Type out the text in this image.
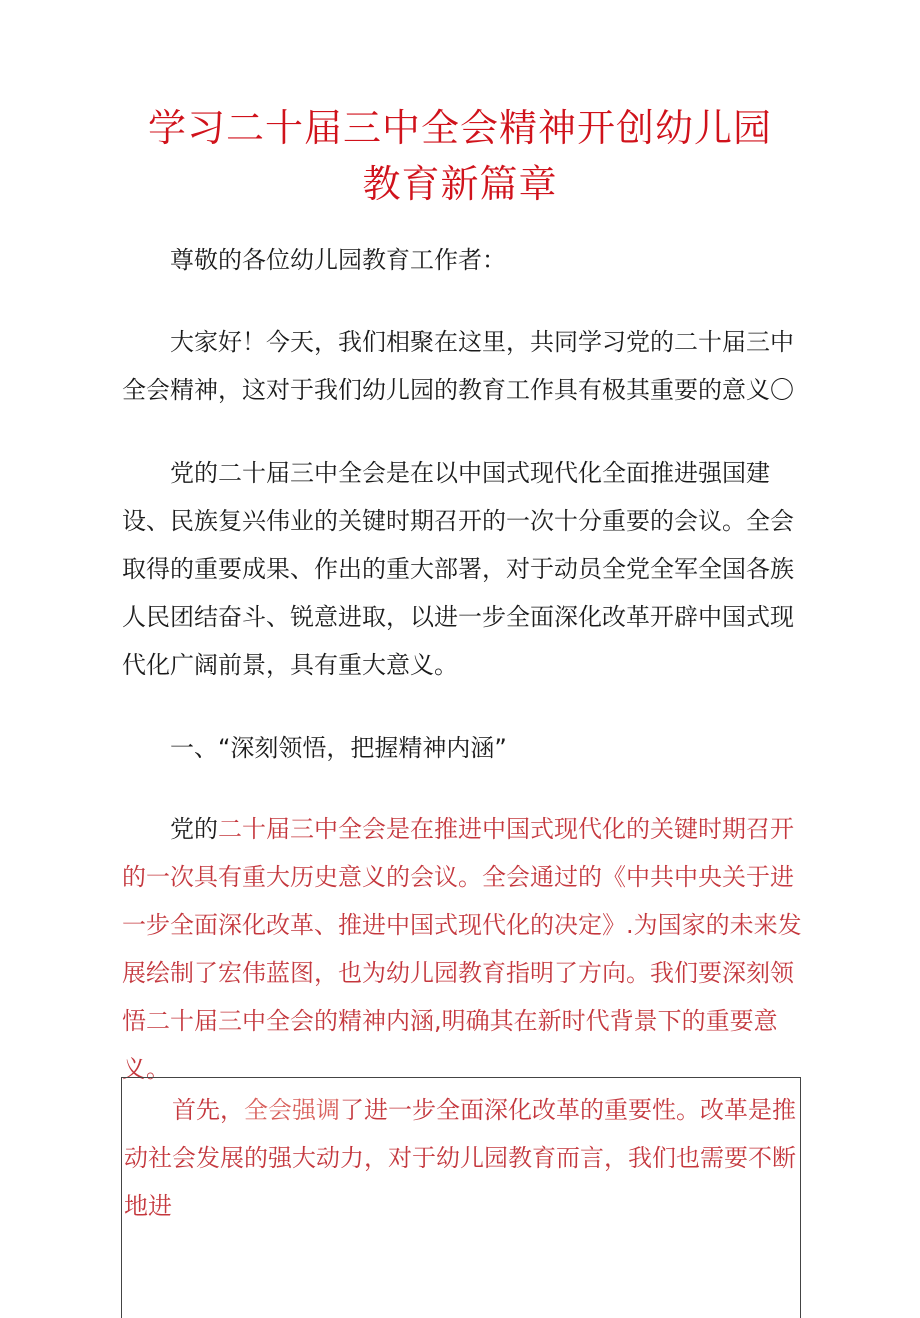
学习二十届三中全会精神开创幼儿园
教育新篇章

尊敬的各位幼儿园教育工作者：

大家好！今天，我们相聚在这里，共同学习党的二十届三中全会精神，这对于我们幼儿园的教育工作具有极其重要的意义〇

党的二十届三中全会是在以中国式现代化全面推进强国建设、民族复兴伟业的关键时期召开的一次十分重要的会议。全会取得的重要成果、作出的重大部署，对于动员全党全军全国各族人民团结奋斗、锐意进取，以进一步全面深化改革开辟中国式现代化广阔前景，具有重大意义。

一、“深刻领悟，把握精神内涵”

党的二十届三中全会是在推进中国式现代化的关键时期召开的一次具有重大历史意义的会议。全会通过的《中共中央关于进一步全面深化改革、推进中国式现代化的决定》.为国家的未来发展绘制了宏伟蓝图，也为幼儿园教育指明了方向。我们要深刻领悟二十届三中全会的精神内涵,明确其在新时代背景下的重要意义。

首先，全会强调了进一步全面深化改革的重要性。改革是推动社会发展的强大动力，对于幼儿园教育而言，我们也需要不断地进
